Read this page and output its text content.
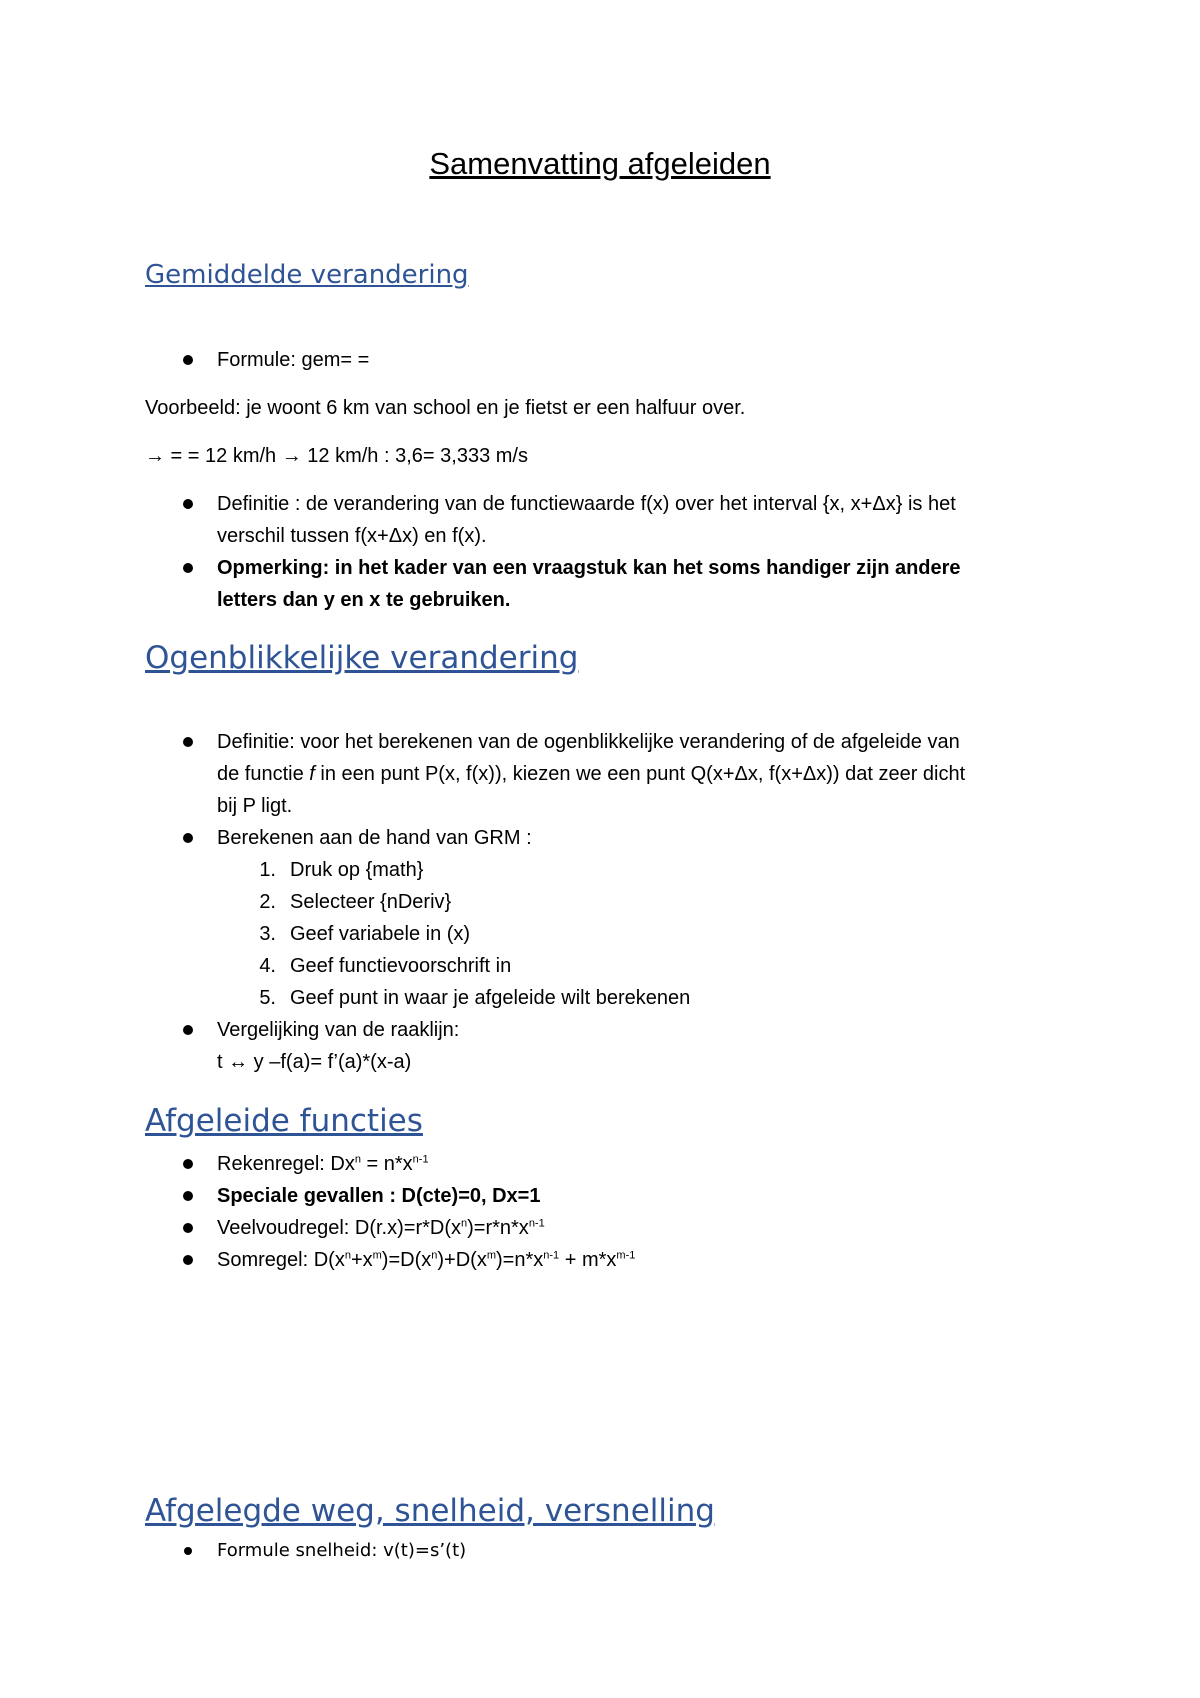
Samenvatting afgeleiden
Gemiddelde verandering
Formule: gem= =
Voorbeeld: je woont 6 km van school en je fietst er een halfuur over.
→ = = 12 km/h → 12 km/h : 3,6= 3,333 m/s
Definitie : de verandering van de functiewaarde f(x) over het interval {x, x+Δx} is het
verschil tussen f(x+Δx) en f(x).
Opmerking: in het kader van een vraagstuk kan het soms handiger zijn andere
letters dan y en x te gebruiken.
Ogenblikkelijke verandering
Definitie: voor het berekenen van de ogenblikkelijke verandering of de afgeleide van
de functie f in een punt P(x, f(x)), kiezen we een punt Q(x+Δx, f(x+Δx)) dat zeer dicht
bij P ligt.
Berekenen aan de hand van GRM :
1. Druk op {math}
2. Selecteer {nDeriv}
3. Geef variabele in (x)
4. Geef functievoorschrift in
5. Geef punt in waar je afgeleide wilt berekenen
Vergelijking van de raaklijn:
t ↔ y –f(a)= f’(a)*(x-a)
Afgeleide functies
Rekenregel: $Dx^n = n*x^{n-1}$
Speciale gevallen : D(cte)=0, Dx=1
Veelvoudregel: $D(r.x)=r*D(x^n)=r*n*x^{n-1}$
Somregel: $D(x^n+x^m)=D(x^n)+D(x^m)=n*x^{n-1} + m*x^{m-1}$
Afgelegde weg, snelheid, versnelling
Formule snelheid: v(t)=s’(t)
